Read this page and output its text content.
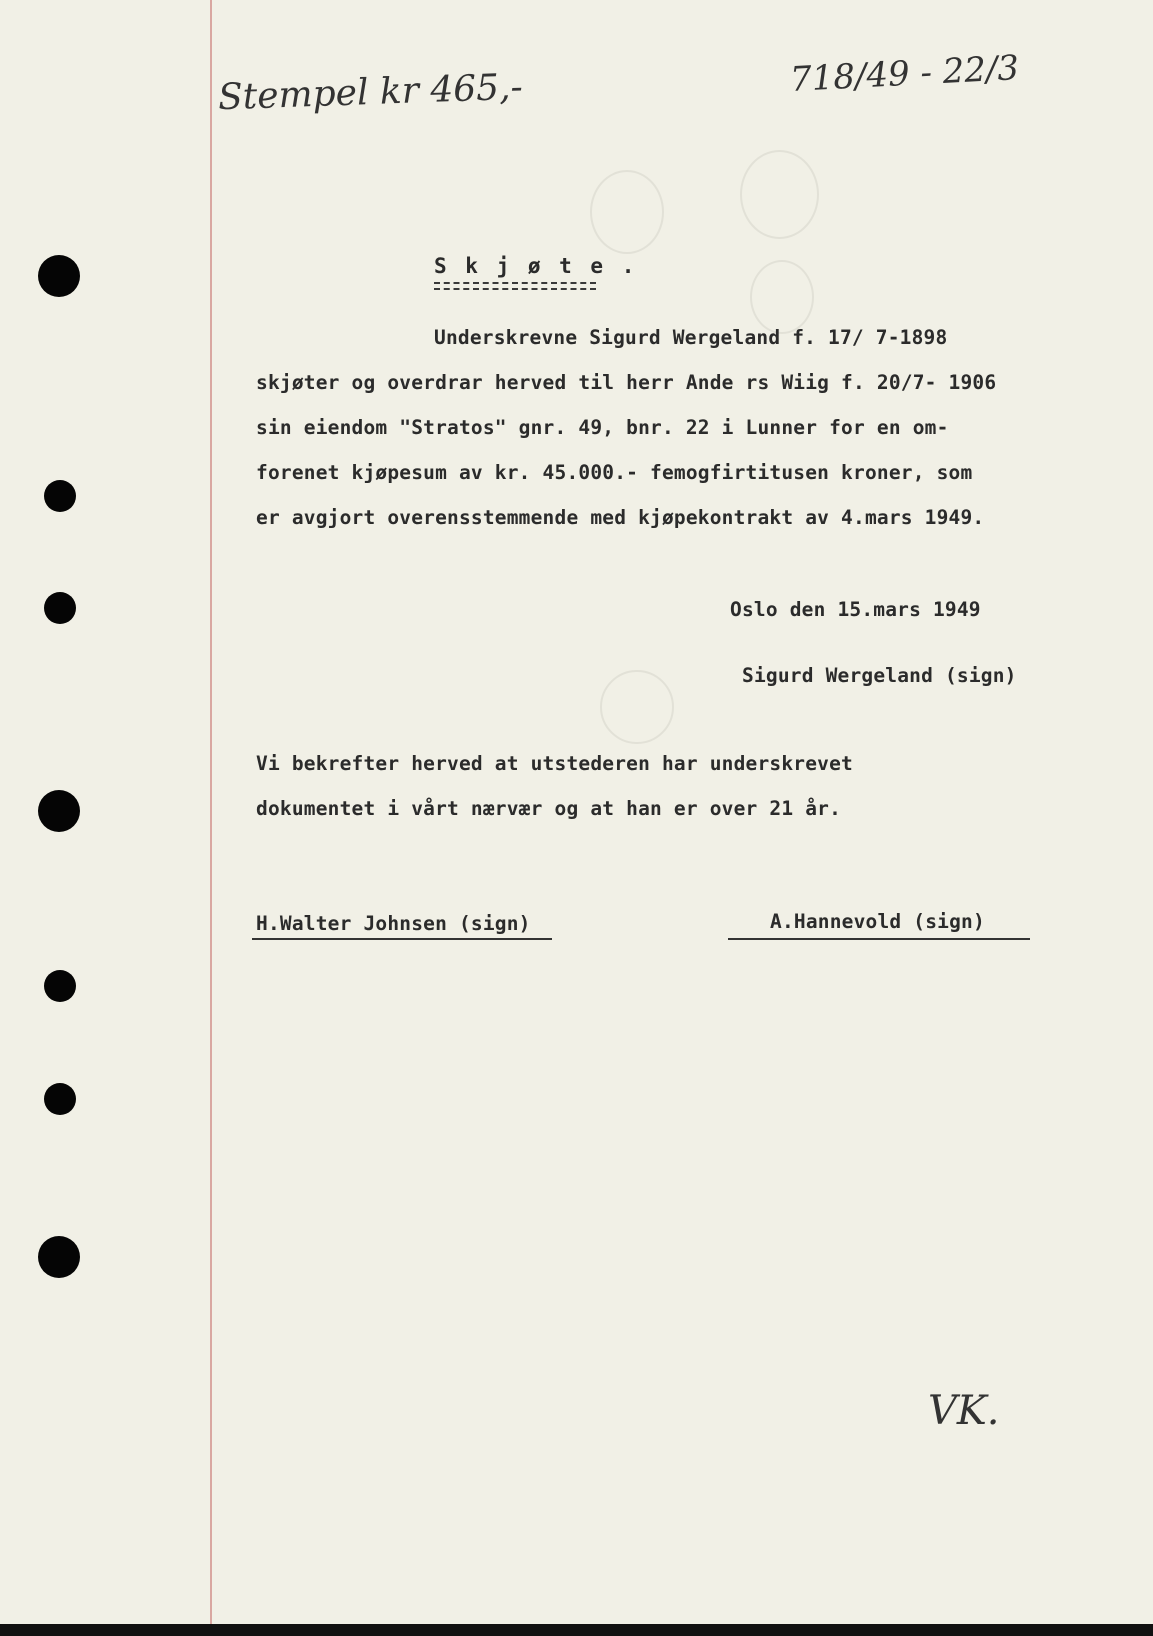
Stempel kr 465,-	718/49 - 22/3

S k j ø t e .

Underskrevne Sigurd Wergeland f. 17/ 7-1898

skjøter og overdrar herved til herr Ande rs Wiig f. 20/7- 1906

sin eiendom "Stratos" gnr. 49, bnr. 22 i Lunner for en om-

forenet kjøpesum av kr. 45.000.- femogfirtitusen kroner, som

er avgjort overensstemmende med kjøpekontrakt av 4.mars 1949.

Oslo den 15.mars 1949

Sigurd Wergeland (sign)

Vi bekrefter herved at utstederen har underskrevet

dokumentet i vårt nærvær og at han er over 21 år.

H.Walter Johnsen (sign)	A.Hannevold (sign)

VK.
